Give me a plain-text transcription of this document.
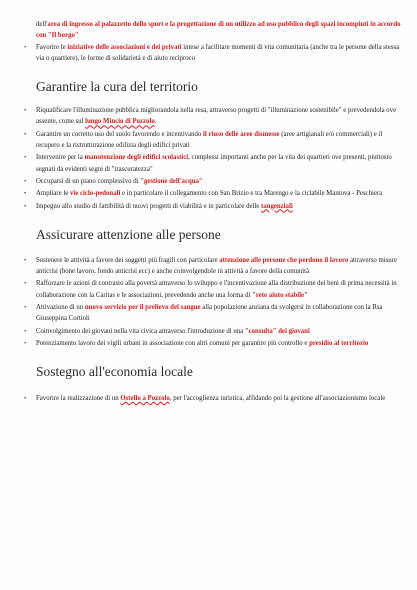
dell'area di ingresso al palazzetto dello sport e la progettazione di un utilizzo ad uso pubblico degli spazi incompiuti in accordo con "Il borgo"

• Favorire le iniziative delle associazioni e dei privati intese a facilitare momenti di vita comunitaria (anche tra le persone della stessa via o quartiere), le forme di solidarietà e di aiuto reciproco
Garantire la cura del territorio
• Riqualificare l'illuminazione pubblica migliorandola nella resa, attraverso progetti di "illuminazione sostenibile" e prevedendola ove assente, come sul lungo Mincio di Pozzolo.
• Garantire un corretto uso del suolo favorendo e incentivando il riuso delle aree dismesse (aree artigianali e/o commerciali) e il recupero e la ristrutturazione edilizia degli edifici privati
• Intervenire per la manutenzione degli edifici scolastici, complessi importanti anche per la vita dei quartieri ove presenti, piuttosto segnati da evidenti segni di "trascuratezza"
• Occuparsi di un piano complessivo di "gestione dell'acqua"
• Ampliare le vie ciclo-pedonali e in particolare il collegamento con San Brizio e tra Marengo e la ciclabile Mantova - Peschiera
• Impegno allo studio di fattibilità di nuovi progetti di viabilità e in particolare delle tangenziali
Assicurare attenzione alle persone
• Sostenere le attività a favore dei soggetti più fragili con particolare attenzione alle persone che perdono il lavoro attraverso misure anticrisi (bone lavoro, fondo anticrisi ecc) e anche coinvolgendole in attività a favore della comunità
• Rafforzare le azioni di contrasto alla povertà attraverso lo sviluppo e l'incentivazione alla distribuzione dei beni di prima necessità in collaborazione con la Caritas e le associazioni, prevedendo anche una forma di "rete aiuto stabile"
• Attivazione di un nuovo servizio per il prelievo del sangue alla popolazione anziana da svolgersi in collaborazione con la Rsa Giuseppina Cortioli
• Coinvolgimento dei giovani nella vita civica attraverso l'introduzione di una "consulta" dei giovani
• Potenziamento lavoro dei vigili urbani in associazione con altri comuni per garantire più controllo e presidio al territorio
Sostegno all'economia locale
• Favorire la realizzazione di un Ostello a Pozzolo, per l'accoglienza turistica, affidando poi la gestione all'associazionismo locale
